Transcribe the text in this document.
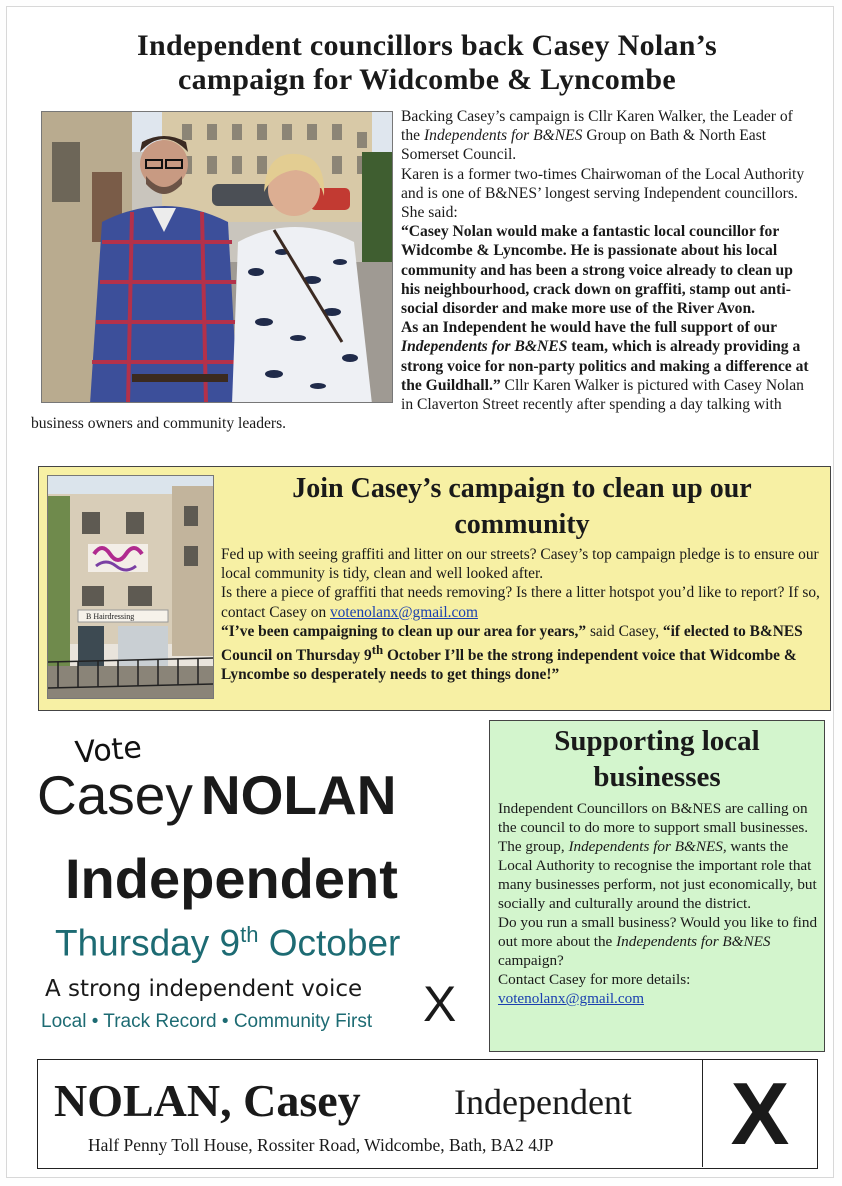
Independent councillors back Casey Nolan’s
campaign for Widcombe & Lyncombe
Backing Casey’s campaign is Cllr Karen Walker, the Leader of the Independents for B&NES Group on Bath & North East Somerset Council.
Karen is a former two-times Chairwoman of the Local Authority and is one of B&NES’ longest serving Independent councillors. She said:
“Casey Nolan would make a fantastic local councillor for Widcombe & Lyncombe. He is passionate about his local community and has been a strong voice already to clean up his neighbourhood, crack down on graffiti, stamp out anti-social disorder and make more use of the River Avon.
As an Independent he would have the full support of our Independents for B&NES team, which is already providing a strong voice for non-party politics and making a difference at the Guildhall.” Cllr Karen Walker is pictured with Casey Nolan in Claverton Street recently after spending a day talking with business owners and community leaders.
B Hairdressing
Join Casey’s campaign to clean up our community
Fed up with seeing graffiti and litter on our streets? Casey’s top campaign pledge is to ensure our local community is tidy, clean and well looked after.
Is there a piece of graffiti that needs removing? Is there a litter hotspot you’d like to report? If so, contact Casey on votenolanx@gmail.com
“I’ve been campaigning to clean up our area for years,” said Casey, “if elected to B&NES Council on Thursday 9th October I’ll be the strong independent voice that Widcombe & Lyncombe so desperately needs to get things done!”
Vote
Casey NOLAN
Independent
Thursday 9th October
A strong independent voice
Local • Track Record • Community First X
Supporting local businesses
Independent Councillors on B&NES are calling on the council to do more to support small businesses.
The group, Independents for B&NES, wants the Local Authority to recognise the important role that many businesses perform, not just economically, but socially and culturally around the district.
Do you run a small business? Would you like to find out more about the Independents for B&NES campaign?
Contact Casey for more details:
votenolanx@gmail.com
NOLAN, Casey	Independent
Half Penny Toll House, Rossiter Road, Widcombe, Bath, BA2 4JP X
